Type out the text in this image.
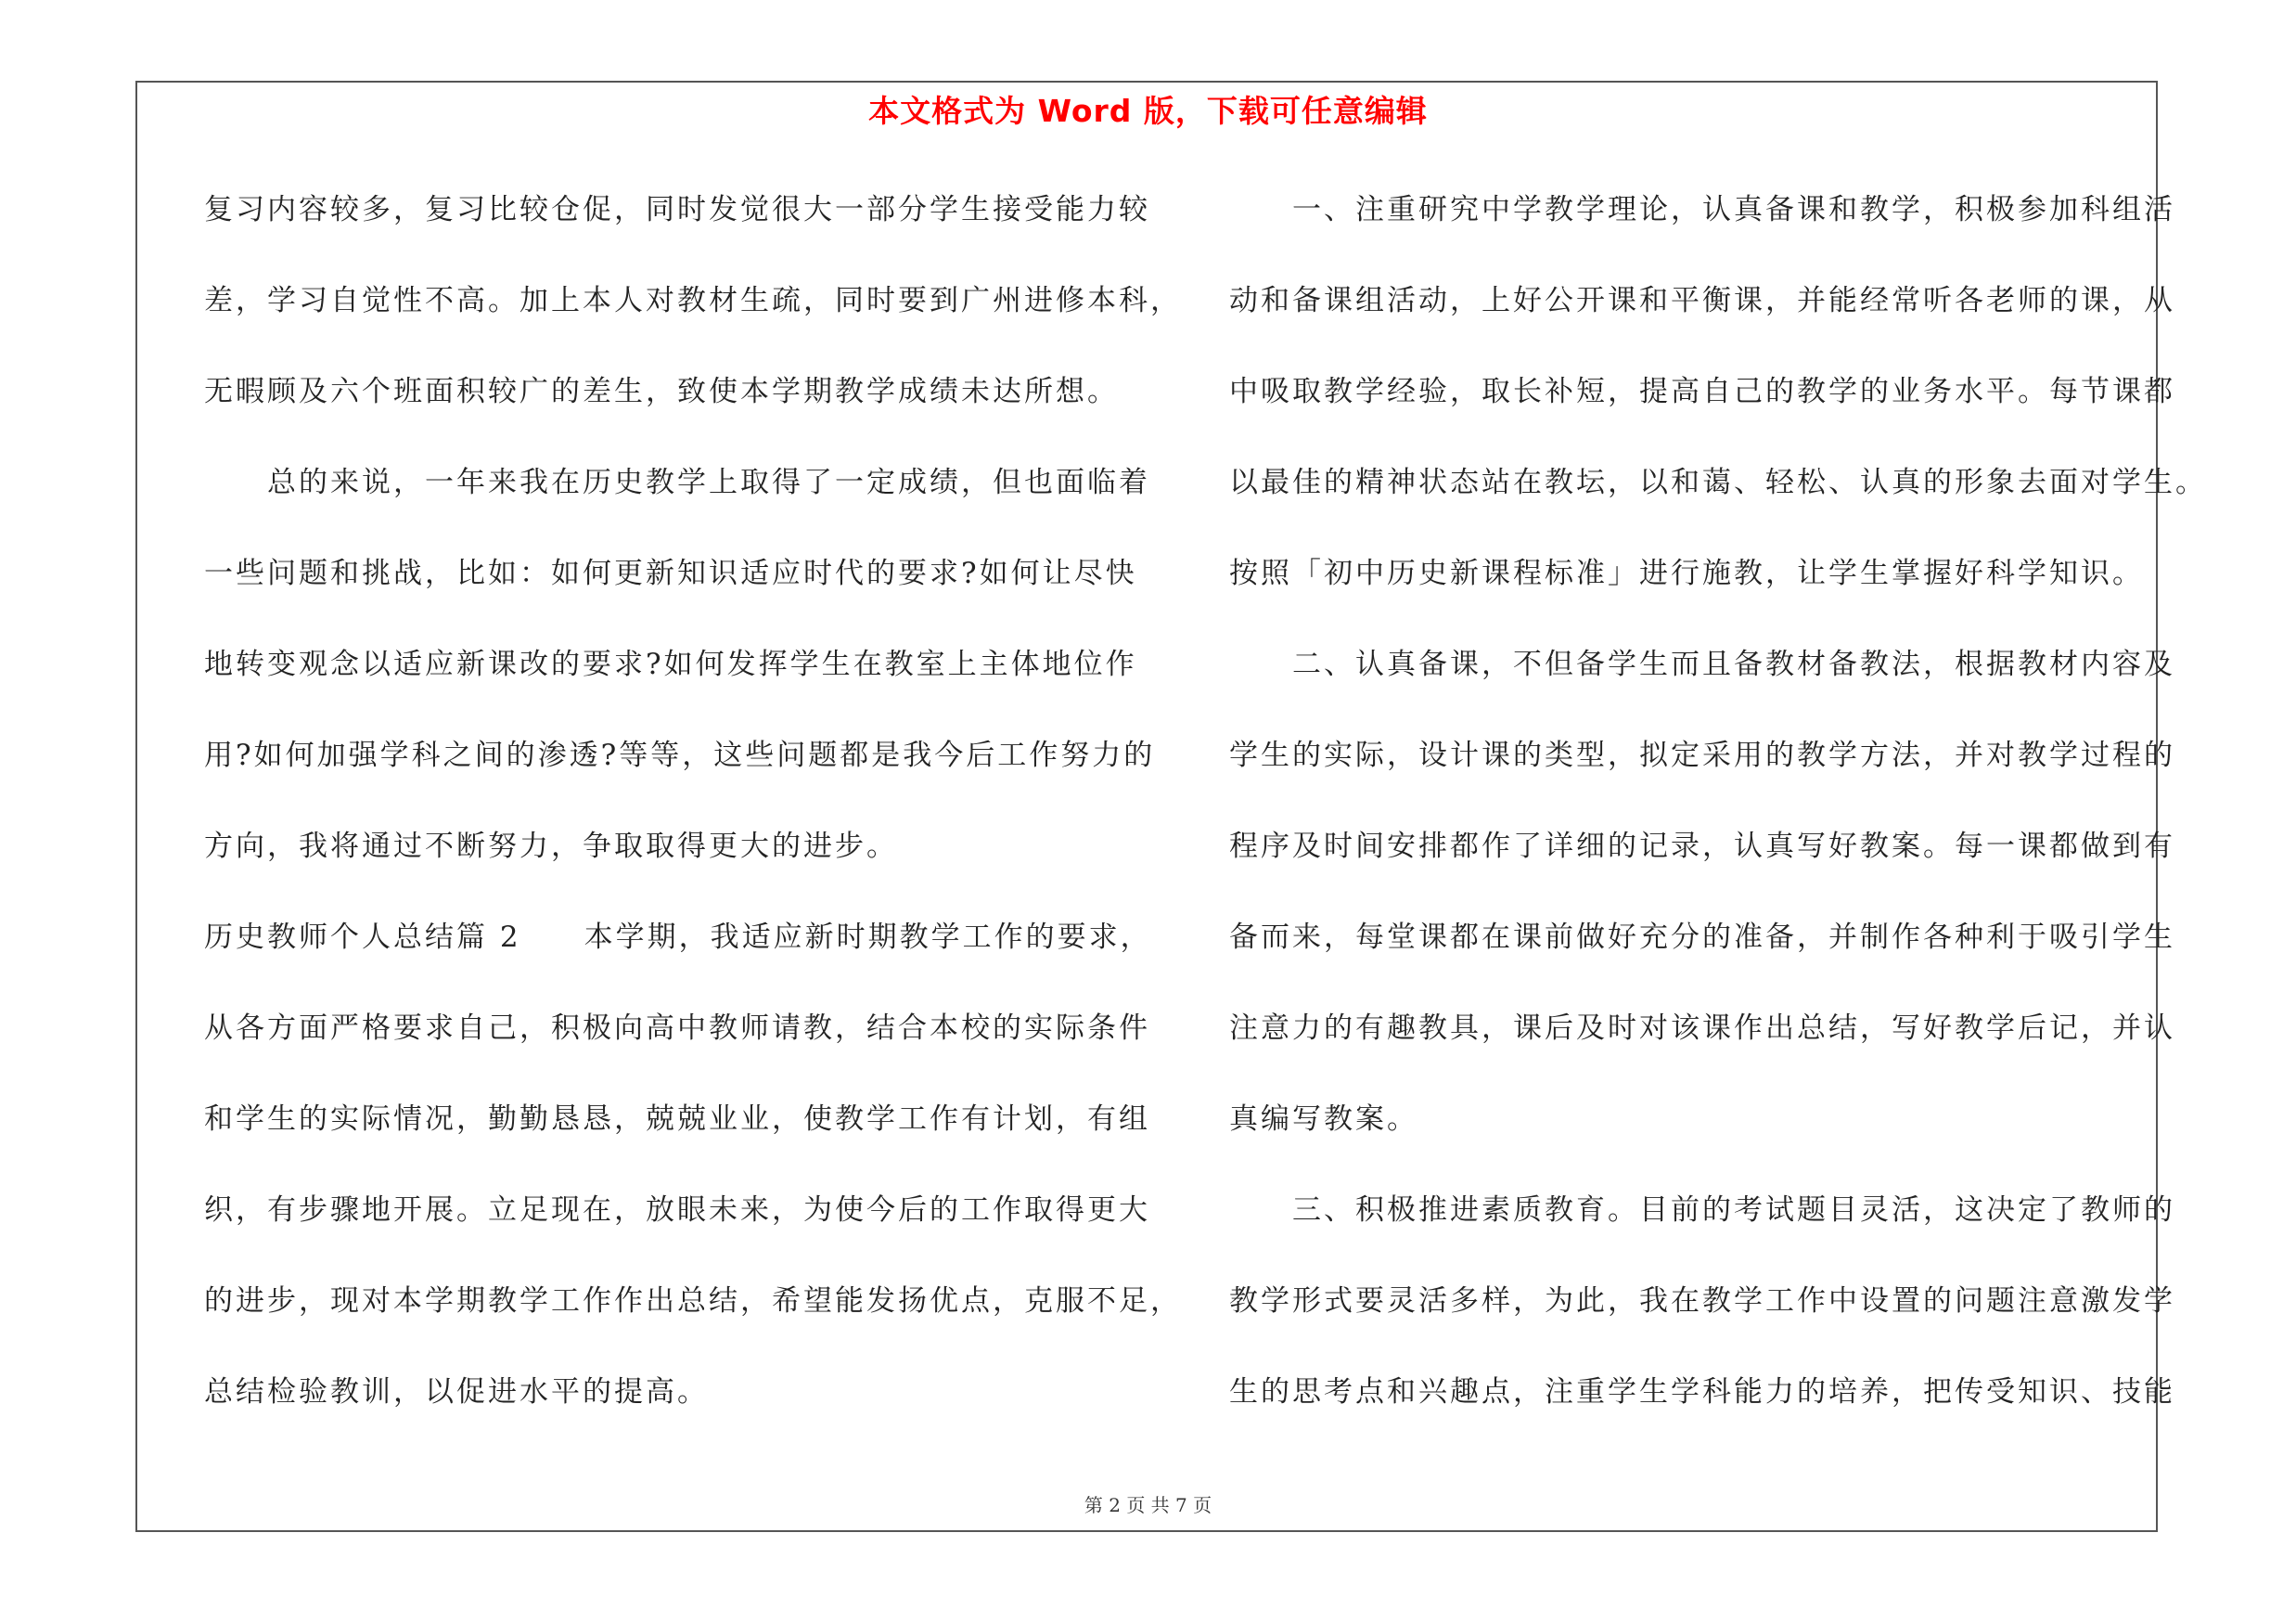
本文格式为 Word 版，下载可任意编辑
复习内容较多，复习比较仓促，同时发觉很大一部分学生接受能力较
差，学习自觉性不高。加上本人对教材生疏，同时要到广州进修本科，
无暇顾及六个班面积较广的差生，致使本学期教学成绩未达所想。
　　总的来说，一年来我在历史教学上取得了一定成绩，但也面临着
一些问题和挑战，比如：如何更新知识适应时代的要求?如何让尽快
地转变观念以适应新课改的要求?如何发挥学生在教室上主体地位作
用?如何加强学科之间的渗透?等等，这些问题都是我今后工作努力的
方向，我将通过不断努力，争取取得更大的进步。
历史教师个人总结篇 2　　本学期，我适应新时期教学工作的要求，
从各方面严格要求自己，积极向高中教师请教，结合本校的实际条件
和学生的实际情况，勤勤恳恳，兢兢业业，使教学工作有计划，有组
织，有步骤地开展。立足现在，放眼未来，为使今后的工作取得更大
的进步，现对本学期教学工作作出总结，希望能发扬优点，克服不足，
总结检验教训，以促进水平的提高。
　　一、注重研究中学教学理论，认真备课和教学，积极参加科组活
动和备课组活动，上好公开课和平衡课，并能经常听各老师的课，从
中吸取教学经验，取长补短，提高自己的教学的业务水平。每节课都
以最佳的精神状态站在教坛，以和蔼、轻松、认真的形象去面对学生。
按照「初中历史新课程标准」进行施教，让学生掌握好科学知识。
　　二、认真备课，不但备学生而且备教材备教法，根据教材内容及
学生的实际，设计课的类型，拟定采用的教学方法，并对教学过程的
程序及时间安排都作了详细的记录，认真写好教案。每一课都做到有
备而来，每堂课都在课前做好充分的准备，并制作各种利于吸引学生
注意力的有趣教具，课后及时对该课作出总结，写好教学后记，并认
真编写教案。
　　三、积极推进素质教育。目前的考试题目灵活，这决定了教师的
教学形式要灵活多样，为此，我在教学工作中设置的问题注意激发学
生的思考点和兴趣点，注重学生学科能力的培养，把传受知识、技能
第 2 页 共 7 页
